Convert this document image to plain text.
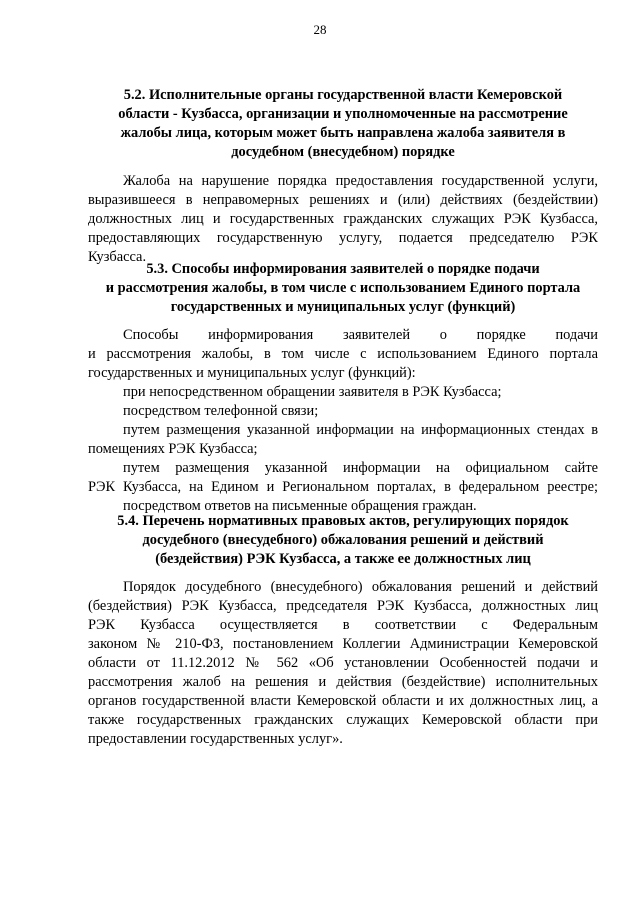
28
5.2. Исполнительные органы государственной власти Кемеровской
области - Кузбасса, организации и уполномоченные на рассмотрение
жалобы лица, которым может быть направлена жалоба заявителя в
досудебном (внесудебном) порядке
Жалоба на нарушение порядка предоставления государственной услуги,
выразившееся в неправомерных решениях и (или) действиях (бездействии)
должностных лиц и государственных гражданских служащих РЭК Кузбасса,
предоставляющих государственную услугу, подается председателю РЭК
Кузбасса.
5.3. Способы информирования заявителей о порядке подачи
и рассмотрения жалобы, в том числе с использованием Единого портала
государственных и муниципальных услуг (функций)
Способы информирования заявителей о порядке подачи
и рассмотрения жалобы, в том числе с использованием Единого портала
государственных и муниципальных услуг (функций):
при непосредственном обращении заявителя в РЭК Кузбасса;
посредством телефонной связи;
путем размещения указанной информации на информационных стендах в
помещениях РЭК Кузбасса;
путем размещения указанной информации на официальном сайте
РЭК Кузбасса, на Едином и Региональном порталах, в федеральном реестре;
посредством ответов на письменные обращения граждан.
5.4. Перечень нормативных правовых актов, регулирующих порядок
досудебного (внесудебного) обжалования решений и действий
(бездействия) РЭК Кузбасса, а также ее должностных лиц
Порядок досудебного (внесудебного) обжалования решений и действий
(бездействия) РЭК Кузбасса, председателя РЭК Кузбасса, должностных лиц
РЭК Кузбасса осуществляется в соответствии с Федеральным
законом № 210-ФЗ, постановлением Коллегии Администрации Кемеровской
области от 11.12.2012 № 562 «Об установлении Особенностей подачи и
рассмотрения жалоб на решения и действия (бездействие) исполнительных
органов государственной власти Кемеровской области и их должностных лиц, а
также государственных гражданских служащих Кемеровской области при
предоставлении государственных услуг».
